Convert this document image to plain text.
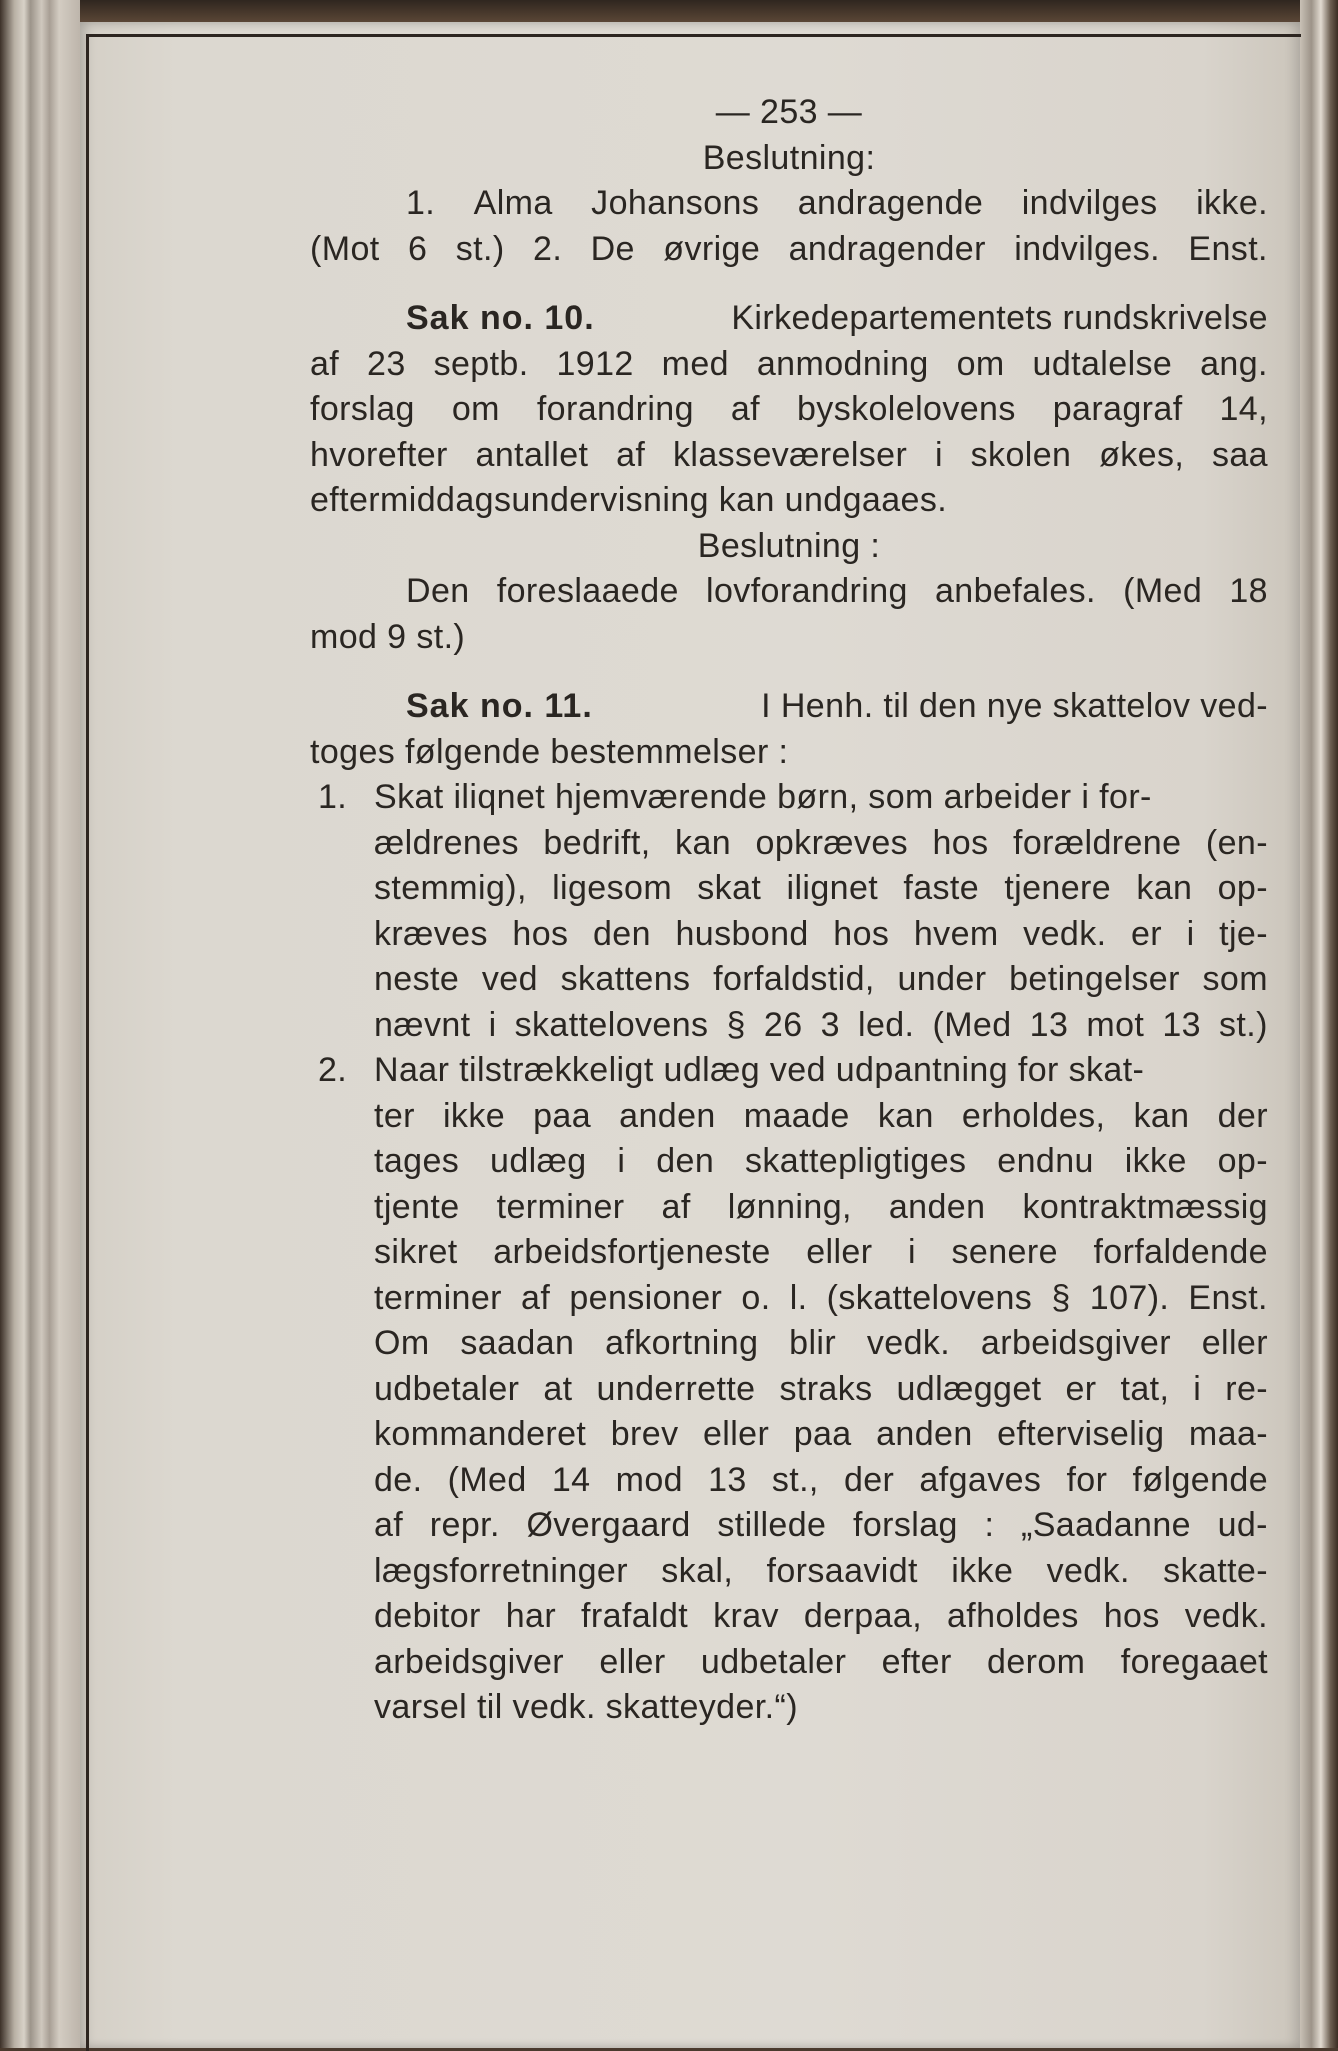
— 253 —
Beslutning:
1. Alma Johansons andragende indvilges ikke.
(Mot 6 st.) 2. De øvrige andragender indvilges. Enst.
Sak no. 10.	Kirkedepartementets rundskrivelse
af 23 septb. 1912 med anmodning om udtalelse ang.
forslag om forandring af byskolelovens paragraf 14,
hvorefter antallet af klasseværelser i skolen økes, saa
eftermiddagsundervisning kan undgaaes.
Beslutning :
Den foreslaaede lovforandring anbefales. (Med 18
mod 9 st.)
Sak no. 11.	I Henh. til den nye skattelov ved-
toges følgende bestemmelser :
1. Skat iliqnet hjemværende børn, som arbeider i for-
ældrenes bedrift, kan opkræves hos forældrene (en-
stemmig), ligesom skat ilignet faste tjenere kan op-
kræves hos den husbond hos hvem vedk. er i tje-
neste ved skattens forfaldstid, under betingelser som
nævnt i skattelovens § 26 3 led. (Med 13 mot 13 st.)
2. Naar tilstrækkeligt udlæg ved udpantning for skat-
ter ikke paa anden maade kan erholdes, kan der
tages udlæg i den skattepligtiges endnu ikke op-
tjente terminer af lønning, anden kontraktmæssig
sikret arbeidsfortjeneste eller i senere forfaldende
terminer af pensioner o. l. (skattelovens § 107). Enst.
Om saadan afkortning blir vedk. arbeidsgiver eller
udbetaler at underrette straks udlægget er tat, i re-
kommanderet brev eller paa anden efterviselig maa-
de. (Med 14 mod 13 st., der afgaves for følgende
af repr. Øvergaard stillede forslag : „Saadanne ud-
lægsforretninger skal, forsaavidt ikke vedk. skatte-
debitor har frafaldt krav derpaa, afholdes hos vedk.
arbeidsgiver eller udbetaler efter derom foregaaet
varsel til vedk. skatteyder.“)
